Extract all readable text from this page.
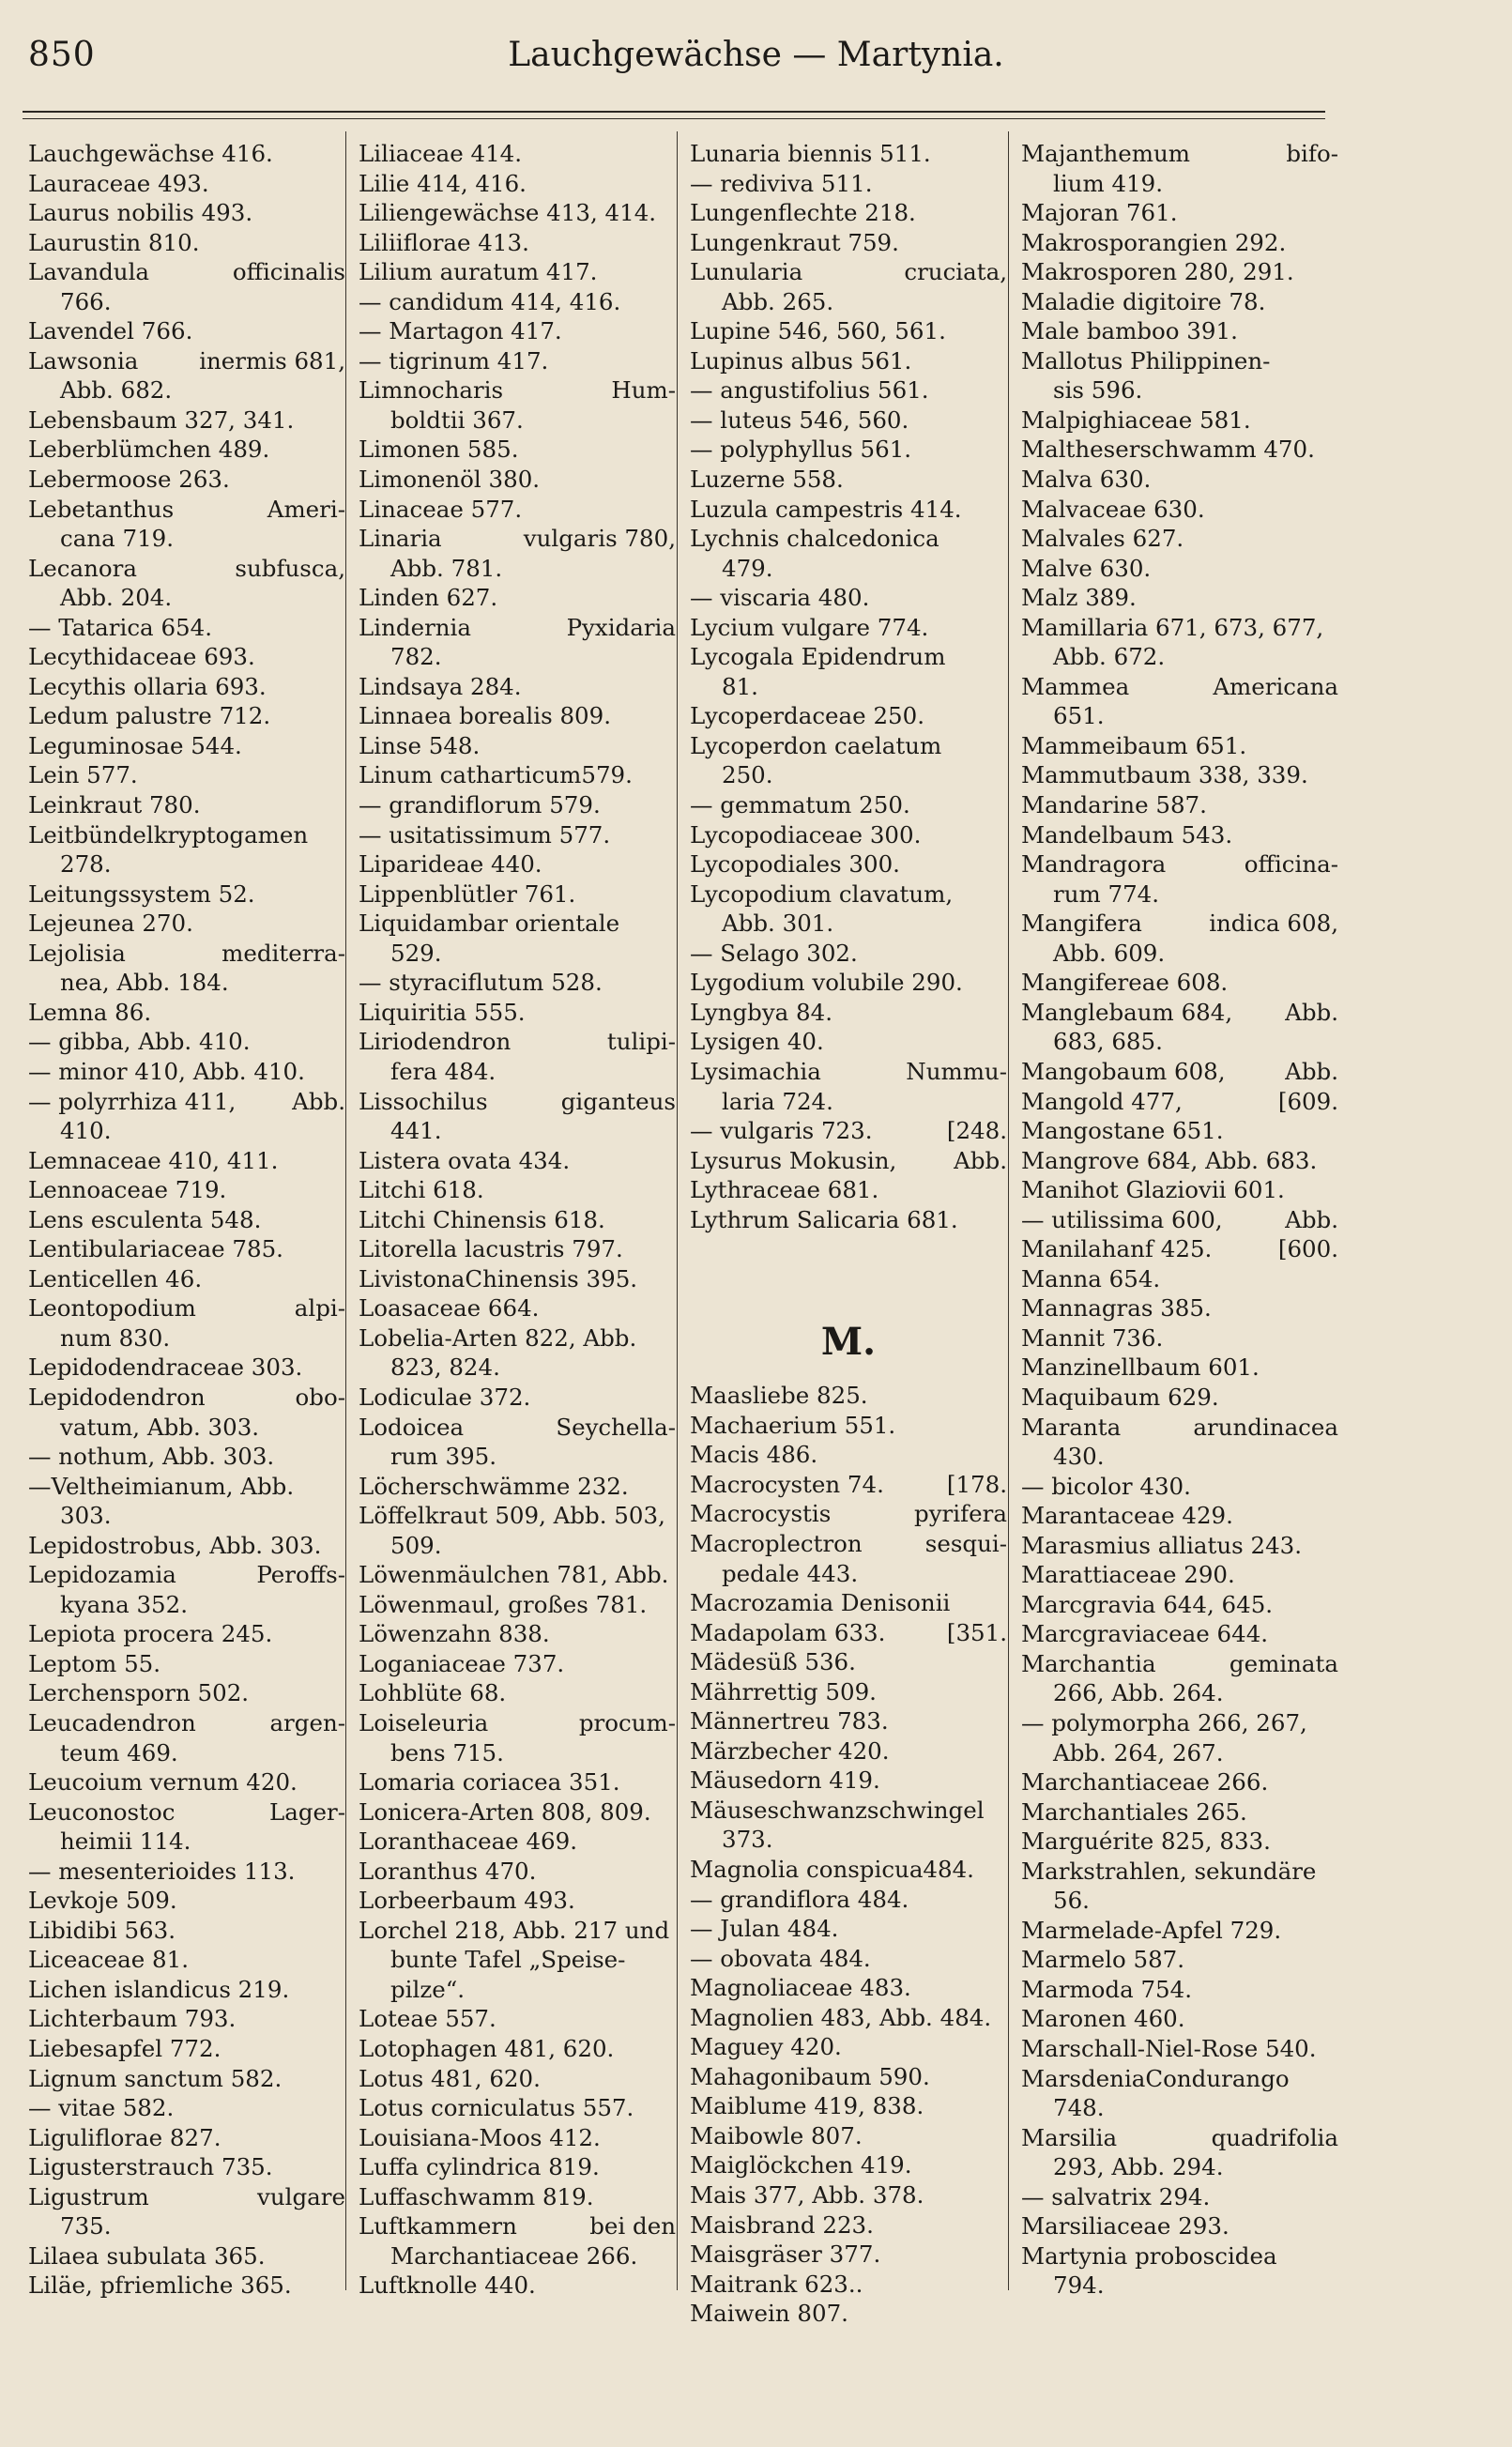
850	Lauchgewächse — Martynia.
Lauchgewächse 416.
Lauraceae 493.
Laurus nobilis 493.
Laurustin 810.
Lavandula	officinalis
766.
Lavendel 766.
Lawsonia	inermis 681,
Abb. 682.
Lebensbaum 327, 341.
Leberblümchen 489.
Lebermoose 263.
Lebetanthus	Ameri-
cana 719.
Lecanora	subfusca,
Abb. 204.
— Tatarica 654.
Lecythidaceae 693.
Lecythis ollaria 693.
Ledum palustre 712.
Leguminosae 544.
Lein 577.
Leinkraut 780.
Leitbündelkryptogamen
278.
Leitungssystem 52.
Lejeunea 270.
Lejolisia	mediterra-
nea, Abb. 184.
Lemna 86.
— gibba, Abb. 410.
— minor 410, Abb. 410.
— polyrrhiza 411, Abb.
410.
Lemnaceae 410, 411.
Lennoaceae 719.
Lens esculenta 548.
Lentibulariaceae 785.
Lenticellen 46.
Leontopodium	alpi-
num 830.
Lepidodendraceae 303.
Lepidodendron	obo-
vatum, Abb. 303.
— nothum, Abb. 303.
—Veltheimianum, Abb.
303.
Lepidostrobus, Abb. 303.
Lepidozamia	Peroffs-
kyana 352.
Lepiota procera 245.
Leptom 55.
Lerchensporn 502.
Leucadendron	argen-
teum 469.
Leucoium vernum 420.
Leuconostoc	Lager-
heimii 114.
— mesenterioides 113.
Levkoje 509.
Libidibi 563.
Liceaceae 81.
Lichen islandicus 219.
Lichterbaum 793.
Liebesapfel 772.
Lignum sanctum 582.
— vitae 582.
Liguliflorae 827.
Ligusterstrauch 735.
Ligustrum	vulgare
735.
Lilaea subulata 365.
Liläe, pfriemliche 365.
Liliaceae 414.
Lilie 414, 416.
Liliengewächse 413, 414.
Liliiflorae 413.
Lilium auratum 417.
— candidum 414, 416.
— Martagon 417.
— tigrinum 417.
Limnocharis	Hum-
boldtii 367.
Limonen 585.
Limonenöl 380.
Linaceae 577.
Linaria	vulgaris 780,
Abb. 781.
Linden 627.
Lindernia	Pyxidaria
782.
Lindsaya 284.
Linnaea borealis 809.
Linse 548.
Linum catharticum579.
— grandiflorum 579.
— usitatissimum 577.
Liparideae 440.
Lippenblütler 761.
Liquidambar orientale
529.
— styraciflutum 528.
Liquiritia 555.
Liriodendron	tulipi-
fera 484.
Lissochilus	giganteus
441.
Listera ovata 434.
Litchi 618.
Litchi Chinensis 618.
Litorella lacustris 797.
LivistonaChinensis 395.
Loasaceae 664.
Lobelia-Arten 822, Abb.
823, 824.
Lodiculae 372.
Lodoicea	Seychella-
rum 395.
Löcherschwämme 232.
Löffelkraut 509, Abb. 503,
509.
Löwenmäulchen 781, Abb.
Löwenmaul, großes 781.
Löwenzahn 838.
Loganiaceae 737.
Lohblüte 68.
Loiseleuria	procum-
bens 715.
Lomaria coriacea 351.
Lonicera-Arten 808, 809.
Loranthaceae 469.
Loranthus 470.
Lorbeerbaum 493.
Lorchel 218, Abb. 217 und
bunte Tafel „Speise-
pilze“.
Loteae 557.
Lotophagen 481, 620.
Lotus 481, 620.
Lotus corniculatus 557.
Louisiana-Moos 412.
Luffa cylindrica 819.
Luffaschwamm 819.
Luftkammern	bei den
Marchantiaceae 266.
Luftknolle 440.
Lunaria biennis 511.
— rediviva 511.
Lungenflechte 218.
Lungenkraut 759.
Lunularia	cruciata,
Abb. 265.
Lupine 546, 560, 561.
Lupinus albus 561.
— angustifolius 561.
— luteus 546, 560.
— polyphyllus 561.
Luzerne 558.
Luzula campestris 414.
Lychnis chalcedonica
479.
— viscaria 480.
Lycium vulgare 774.
Lycogala Epidendrum
81.
Lycoperdaceae 250.
Lycoperdon caelatum
250.
— gemmatum 250.
Lycopodiaceae 300.
Lycopodiales 300.
Lycopodium clavatum,
Abb. 301.
— Selago 302.
Lygodium volubile 290.
Lyngbya 84.
Lysigen 40.
Lysimachia	Nummu-
laria 724.
— vulgaris 723.	[248.
Lysurus Mokusin, Abb.
Lythraceae 681.
Lythrum Salicaria 681.
M.
Maasliebe 825.
Machaerium 551.
Macis 486.
Macrocysten 74.	[178.
Macrocystis	pyrifera
Macroplectron	sesqui-
pedale 443.
Macrozamia Denisonii
Madapolam 633.	[351.
Mädesüß 536.
Mährrettig 509.
Männertreu 783.
Märzbecher 420.
Mäusedorn 419.
Mäuseschwanzschwingel
373.
Magnolia conspicua484.
— grandiflora 484.
— Julan 484.
— obovata 484.
Magnoliaceae 483.
Magnolien 483, Abb. 484.
Maguey 420.
Mahagonibaum 590.
Maiblume 419, 838.
Maibowle 807.
Maiglöckchen 419.
Mais 377, Abb. 378.
Maisbrand 223.
Maisgräser 377.
Maitrank 623..
Maiwein 807.
Majanthemum	bifo-
lium 419.
Majoran 761.
Makrosporangien 292.
Makrosporen 280, 291.
Maladie digitoire 78.
Male bamboo 391.
Mallotus Philippinen-
sis 596.
Malpighiaceae 581.
Maltheserschwamm 470.
Malva 630.
Malvaceae 630.
Malvales 627.
Malve 630.
Malz 389.
Mamillaria 671, 673, 677,
Abb. 672.
Mammea	Americana
651.
Mammeibaum 651.
Mammutbaum 338, 339.
Mandarine 587.
Mandelbaum 543.
Mandragora	officina-
rum 774.
Mangifera	indica 608,
Abb. 609.
Mangifereae 608.
Manglebaum 684, Abb.
683, 685.
Mangobaum 608,	Abb.
Mangold 477,	[609.
Mangostane 651.
Mangrove 684, Abb. 683.
Manihot Glaziovii 601.
— utilissima 600,	Abb.
Manilahanf 425.	[600.
Manna 654.
Mannagras 385.
Mannit 736.
Manzinellbaum 601.
Maquibaum 629.
Maranta	arundinacea
430.
— bicolor 430.
Marantaceae 429.
Marasmius alliatus 243.
Marattiaceae 290.
Marcgravia 644, 645.
Marcgraviaceae 644.
Marchantia	geminata
266, Abb. 264.
— polymorpha 266, 267,
Abb. 264, 267.
Marchantiaceae 266.
Marchantiales 265.
Marguérite 825, 833.
Markstrahlen, sekundäre
56.
Marmelade-Apfel 729.
Marmelo 587.
Marmoda 754.
Maronen 460.
Marschall-Niel-Rose 540.
MarsdeniaCondurango
748.
Marsilia	quadrifolia
293, Abb. 294.
— salvatrix 294.
Marsiliaceae 293.
Martynia proboscidea
794.
